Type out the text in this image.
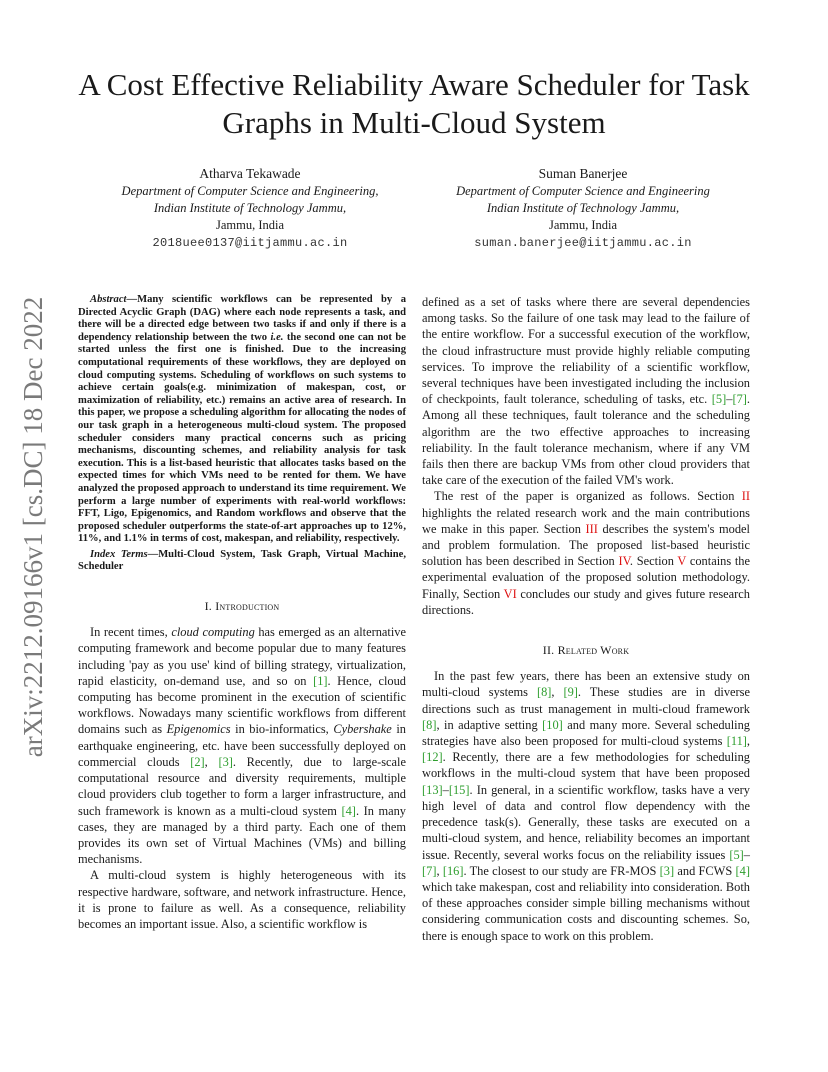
arXiv:2212.09166v1 [cs.DC] 18 Dec 2022
A Cost Effective Reliability Aware Scheduler for Task Graphs in Multi-Cloud System
Atharva Tekawade
Department of Computer Science and Engineering,
Indian Institute of Technology Jammu,
Jammu, India
2018uee0137@iitjammu.ac.in
Suman Banerjee
Department of Computer Science and Engineering
Indian Institute of Technology Jammu,
Jammu, India
suman.banerjee@iitjammu.ac.in

Abstract—Many scientific workflows can be represented by a Directed Acyclic Graph (DAG) where each node represents a task, and there will be a directed edge between two tasks if and only if there is a dependency relationship between the two i.e. the second one can not be started unless the first one is finished. Due to the increasing computational requirements of these workflows, they are deployed on cloud computing systems. Scheduling of workflows on such systems to achieve certain goals(e.g. minimization of makespan, cost, or maximization of reliability, etc.) remains an active area of research. In this paper, we propose a scheduling algorithm for allocating the nodes of our task graph in a heterogeneous multi-cloud system. The proposed scheduler considers many practical concerns such as pricing mechanisms, discounting schemes, and reliability analysis for task execution. This is a list-based heuristic that allocates tasks based on the expected times for which VMs need to be rented for them. We have analyzed the proposed approach to understand its time requirement. We perform a large number of experiments with real-world workflows: FFT, Ligo, Epigenomics, and Random workflows and observe that the proposed scheduler outperforms the state-of-art approaches up to 12%, 11%, and 1.1% in terms of cost, makespan, and reliability, respectively.

Index Terms—Multi-Cloud System, Task Graph, Virtual Machine, Scheduler

I. Introduction

In recent times, cloud computing has emerged as an alternative computing framework and become popular due to many features including 'pay as you use' kind of billing strategy, virtualization, rapid elasticity, on-demand use, and so on [1]. Hence, cloud computing has become prominent in the execution of scientific workflows. Nowadays many scientific workflows from different domains such as Epigenomics in bio-informatics, Cybershake in earthquake engineering, etc. have been successfully deployed on commercial clouds [2], [3]. Recently, due to large-scale computational resource and diversity requirements, multiple cloud providers club together to form a larger infrastructure, and such framework is known as a multi-cloud system [4]. In many cases, they are managed by a third party. Each one of them provides its own set of Virtual Machines (VMs) and billing mechanisms.

A multi-cloud system is highly heterogeneous with its respective hardware, software, and network infrastructure. Hence, it is prone to failure as well. As a consequence, reliability becomes an important issue. Also, a scientific workflow is

defined as a set of tasks where there are several dependencies among tasks. So the failure of one task may lead to the failure of the entire workflow. For a successful execution of the workflow, the cloud infrastructure must provide highly reliable computing services. To improve the reliability of a scientific workflow, several techniques have been investigated including the inclusion of checkpoints, fault tolerance, scheduling of tasks, etc. [5]–[7]. Among all these techniques, fault tolerance and the scheduling algorithm are the two effective approaches to increasing reliability. In the fault tolerance mechanism, where if any VM fails then there are backup VMs from other cloud providers that take care of the execution of the failed VM's work.

The rest of the paper is organized as follows. Section II highlights the related research work and the main contributions we make in this paper. Section III describes the system's model and problem formulation. The proposed list-based heuristic solution has been described in Section IV. Section V contains the experimental evaluation of the proposed solution methodology. Finally, Section VI concludes our study and gives future research directions.

II. Related Work

In the past few years, there has been an extensive study on multi-cloud systems [8], [9]. These studies are in diverse directions such as trust management in multi-cloud framework [8], in adaptive setting [10] and many more. Several scheduling strategies have also been proposed for multi-cloud systems [11], [12]. Recently, there are a few methodologies for scheduling workflows in the multi-cloud system that have been proposed [13]–[15]. In general, in a scientific workflow, tasks have a very high level of data and control flow dependency with the precedence task(s). Generally, these tasks are executed on a multi-cloud system, and hence, reliability becomes an important issue. Recently, several works focus on the reliability issues [5]–[7], [16]. The closest to our study are FR-MOS [3] and FCWS [4] which take makespan, cost and reliability into consideration. Both of these approaches consider simple billing mechanisms without considering communication costs and discounting schemes. So, there is enough space to work on this problem.
